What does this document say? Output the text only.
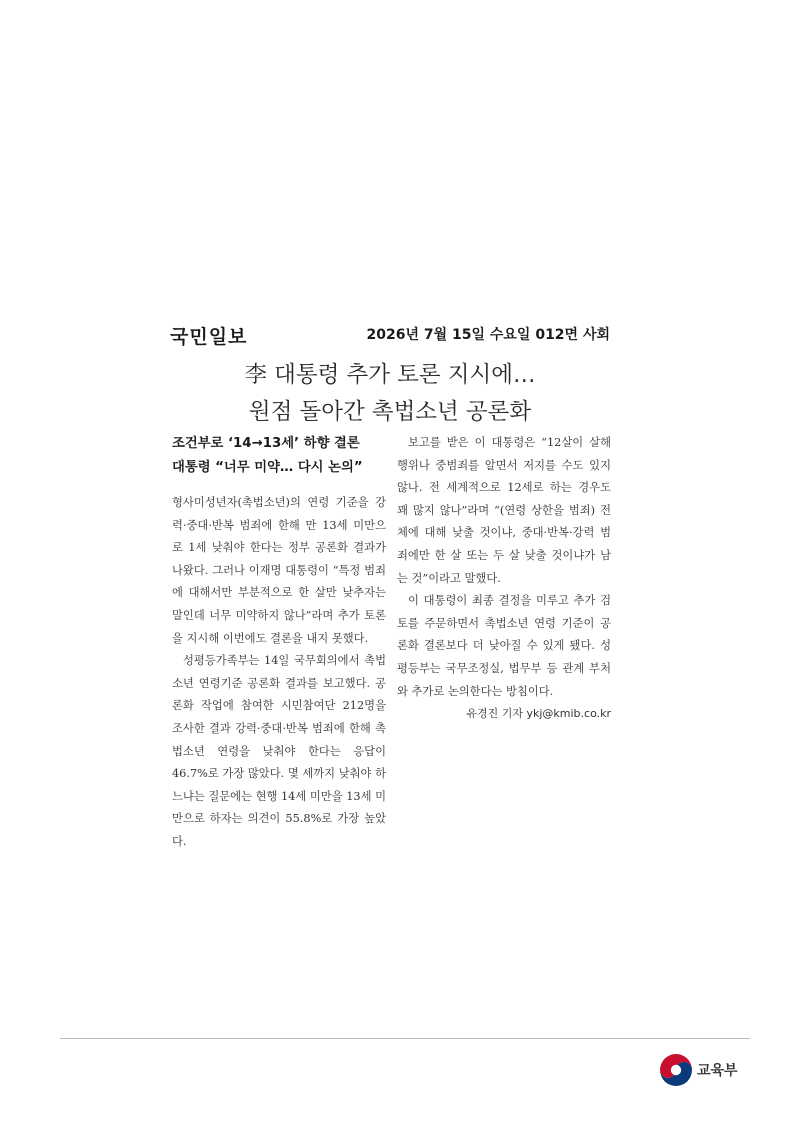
국민일보	2026년 7월 15일 수요일 012면 사회
李 대통령 추가 토론 지시에…
원점 돌아간 촉법소년 공론화
조건부로 ‘14→13세’ 하향 결론
대통령 “너무 미약… 다시 논의”

형사미성년자(촉법소년)의 연령 기준을 강력·중대·반복 범죄에 한해 만 13세 미만으로 1세 낮춰야 한다는 정부 공론화 결과가 나왔다. 그러나 이재명 대통령이 “특정 범죄에 대해서만 부분적으로 한 살만 낮추자는 말인데 너무 미약하지 않나”라며 추가 토론을 지시해 이번에도 결론을 내지 못했다.

성평등가족부는 14일 국무회의에서 촉법소년 연령기준 공론화 결과를 보고했다. 공론화 작업에 참여한 시민참여단 212명을 조사한 결과 강력·중대·반복 범죄에 한해 촉법소년 연령을 낮춰야 한다는 응답이 46.7%로 가장 많았다. 몇 세까지 낮춰야 하느냐는 질문에는 현행 14세 미만을 13세 미만으로 하자는 의견이 55.8%로 가장 높았다.

보고를 받은 이 대통령은 “12살이 살해 행위나 중범죄를 알면서 저지를 수도 있지 않나. 전 세계적으로 12세로 하는 경우도 꽤 많지 않나”라며 “(연령 상한을 범죄) 전체에 대해 낮출 것이냐, 중대·반복·강력 범죄에만 한 살 또는 두 살 낮출 것이냐가 남는 것”이라고 말했다.

이 대통령이 최종 결정을 미루고 추가 검토를 주문하면서 촉법소년 연령 기준이 공론화 결론보다 더 낮아질 수 있게 됐다. 성평등부는 국무조정실, 법무부 등 관계 부처와 추가로 논의한다는 방침이다.

유경진 기자 ykj@kmib.co.kr
교육부
